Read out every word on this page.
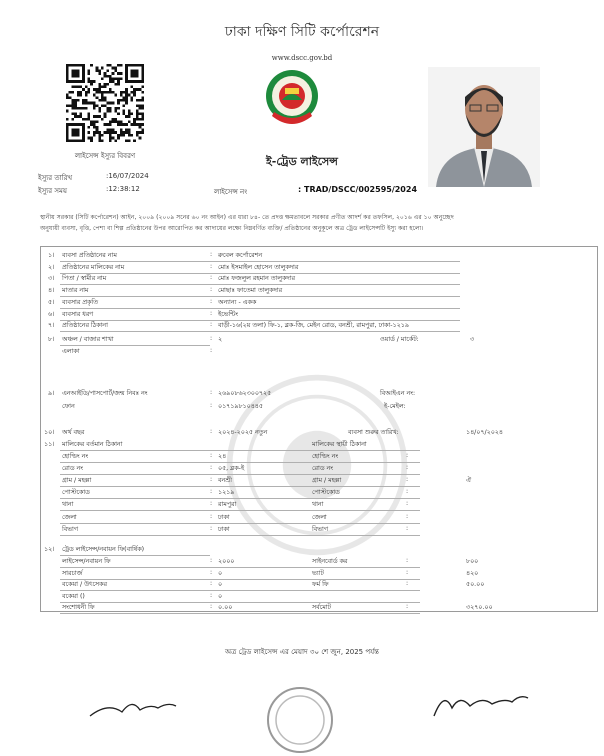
ঢাকা দক্ষিণ সিটি কর্পোরেশন
www.dscc.gov.bd
লাইসেন্স ইস্যুর বিবরণ	ই-ট্রেড লাইসেন্স
ইস্যুর তারিখ	:16/07/2024
ইস্যুর সময়	:12:38:12	লাইসেন্স নং	: TRAD/DSCC/002595/2024
স্থানীয় সরকার (সিটি কর্পোরেশন) আইন, ২০০৯ (২০০৯ সনের ৬০ নং আইন) এর ধারা ৮৪- তে প্রদত্ত ক্ষমতাবলে সরকার প্রণীত আদর্শ কর তফসিল, ২০১৬ এর ১০ অনুচ্ছেদ
অনুযায়ী ব্যবসা, বৃত্তি, পেশা বা শিল্প প্রতিষ্ঠানের উপর আরোপিত কর আদায়ের লক্ষ্যে নিম্নবর্ণিত ব্যক্তি/ প্রতিষ্ঠানের অনুকূলে অত্র ট্রেড লাইসেন্সটি ইস্যু করা হলো।
১। ব্যবসা প্রতিষ্ঠানের নাম	: রুবেল কর্পোরেশন
২। প্রতিষ্ঠানের মালিকের নাম	: মোঃ ইসমাইল হোসেন তালুকদার
৩। পিতা / স্বামীর নাম	: মোঃ ফজলুল রহমান তালুকদার
৪। মাতার নাম	: মোছাঃ ফাতেমা তালুকদার
৫। ব্যবসার প্রকৃতি	: অন্যান্য - একক
৬। ব্যবসার ধরণ	: ইভেন্টিং
৭। প্রতিষ্ঠানের ঠিকানা	: বাড়ী-১৬(২য় তলা) ফি-১, ব্লক-জি, মেইন রোড, বনশ্রী, রামপুরা, ঢাকা-১২১৯
৮। অঞ্চল / বাজার শাখা	: ২	ওয়ার্ড / মার্কেট:	৩
এলাকা	:
৯। এনআইডি/পাসপোর্ট/জন্ম নিবঃ নং	: ২৬৯০৮৬২৩০০৭২৫	বিআইএন নং:
ফোন	: ০১৭১৯৮১০৪৪৫	ই-মেইল:
১০। অর্থ বছর	: ২০২৪-২০২৫ নতুন	ব্যবসা শুরুর তারিখ:	১৪/০৭/২০২৪
১১। মালিকের বর্তমান ঠিকানা	মালিকের স্থায়ী ঠিকানা
হোল্ডিং নং	: ২৪	হোল্ডিং নং	:
রোড নং	: ০৫, ব্লক-ই	রোড নং	:
গ্রাম / মহল্লা	: বনশ্রী	গ্রাম / মহল্লা	:	ঐ
পোস্টকোড	: ১২১৯	পোস্টকোড	:
থানা	: রামপুরা	থানা	:
জেলা	: ঢাকা	জেলা	:
বিভাগ	: ঢাকা	বিভাগ	:
১২। ট্রেড লাইসেন্স/নবায়ন ফি(বার্ষিক)
লাইসেন্স/নবায়ন ফি	: ২০০০	সাইনবোর্ড কর	:	৮০০
সারচার্জ	: ০	ভ্যাট	:	৪২০
বকেয়া / উৎসেকর	: ০	ফর্ম ফি	:	৫০.০০
বকেয়া ()	: ০
সংশোধনী ফি	: ০.০০	সর্বমোট	:	৩২৭০.০০
অত্র ট্রেড লাইসেন্স এর মেয়াদ ৩০ শে জুন, 2025 পর্যন্ত
